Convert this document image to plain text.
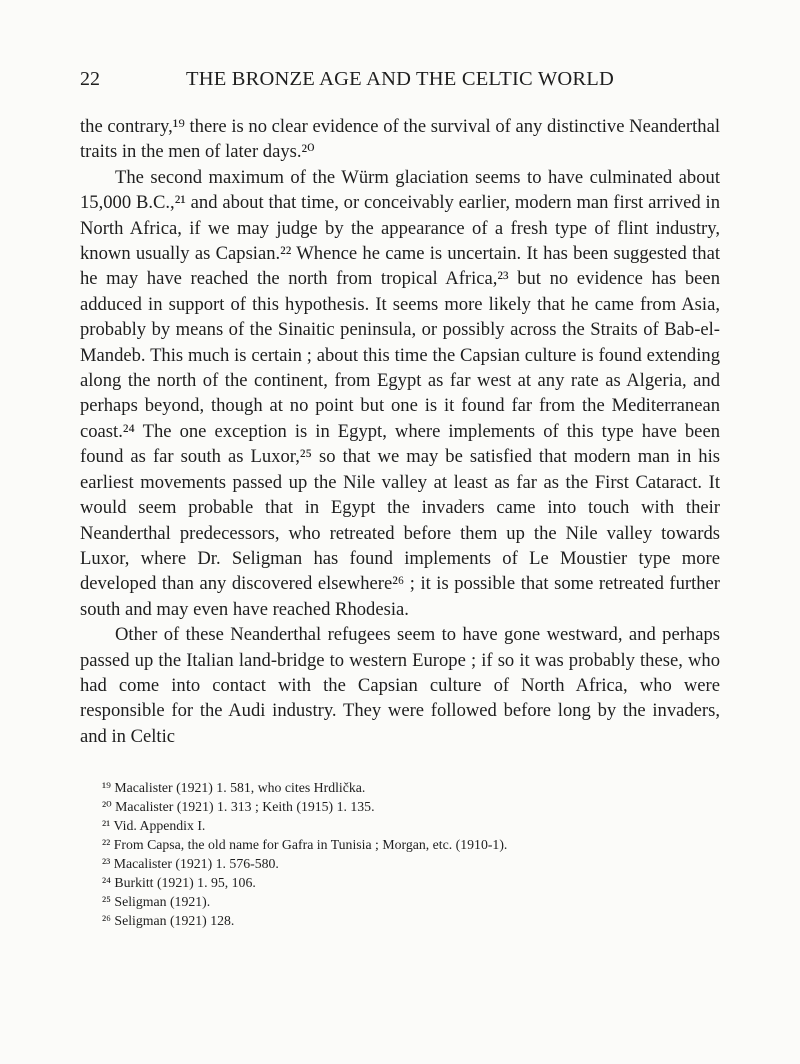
22	THE BRONZE AGE AND THE CELTIC WORLD

the contrary,¹⁹ there is no clear evidence of the survival of any distinctive Neanderthal traits in the men of later days.²⁰

The second maximum of the Würm glaciation seems to have culminated about 15,000 B.C.,²¹ and about that time, or conceivably earlier, modern man first arrived in North Africa, if we may judge by the appearance of a fresh type of flint industry, known usually as Capsian.²² Whence he came is uncertain. It has been suggested that he may have reached the north from tropical Africa,²³ but no evidence has been adduced in support of this hypothesis. It seems more likely that he came from Asia, probably by means of the Sinaitic peninsula, or possibly across the Straits of Bab-el-Mandeb. This much is certain ; about this time the Capsian culture is found extending along the north of the continent, from Egypt as far west at any rate as Algeria, and perhaps beyond, though at no point but one is it found far from the Mediterranean coast.²⁴ The one exception is in Egypt, where implements of this type have been found as far south as Luxor,²⁵ so that we may be satisfied that modern man in his earliest movements passed up the Nile valley at least as far as the First Cataract. It would seem probable that in Egypt the invaders came into touch with their Neanderthal predecessors, who retreated before them up the Nile valley towards Luxor, where Dr. Seligman has found implements of Le Moustier type more developed than any discovered elsewhere²⁶ ; it is possible that some retreated further south and may even have reached Rhodesia.

Other of these Neanderthal refugees seem to have gone westward, and perhaps passed up the Italian land-bridge to western Europe ; if so it was probably these, who had come into contact with the Capsian culture of North Africa, who were responsible for the Audi industry. They were followed before long by the invaders, and in Celtic

¹⁹ Macalister (1921) 1. 581, who cites Hrdlička.
²⁰ Macalister (1921) 1. 313 ; Keith (1915) 1. 135.
²¹ Vid. Appendix I.
²² From Capsa, the old name for Gafra in Tunisia ; Morgan, etc. (1910-1).
²³ Macalister (1921) 1. 576-580.
²⁴ Burkitt (1921) 1. 95, 106.
²⁵ Seligman (1921).
²⁶ Seligman (1921) 128.
